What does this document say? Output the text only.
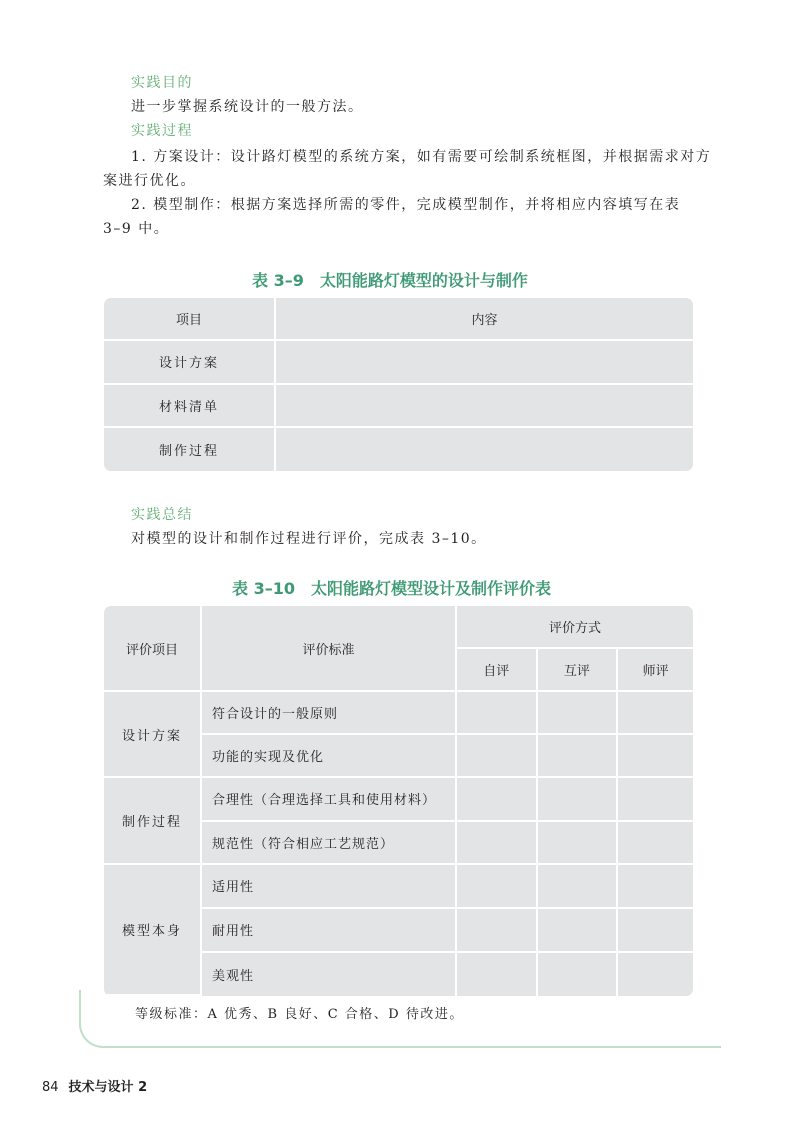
实践目的
进一步掌握系统设计的一般方法。
实践过程
1. 方案设计：设计路灯模型的系统方案，如有需要可绘制系统框图，并根据需求对方
案进行优化。
2. 模型制作：根据方案选择所需的零件，完成模型制作，并将相应内容填写在表
3–9 中。
表 3–9 太阳能路灯模型的设计与制作
项目	内容
设计方案	
材料清单	
制作过程	
实践总结
对模型的设计和制作过程进行评价，完成表 3–10。
表 3–10 太阳能路灯模型设计及制作评价表
评价项目	评价标准	评价方式		
		自评	互评	师评
设计方案	符合设计的一般原则			
	功能的实现及优化			
制作过程	合理性（合理选择工具和使用材料）			
	规范性（符合相应工艺规范）			
模型本身	适用性			
	耐用性			
	美观性			
等级标准：A 优秀、B 良好、C 合格、D 待改进。
84 技术与设计 2
